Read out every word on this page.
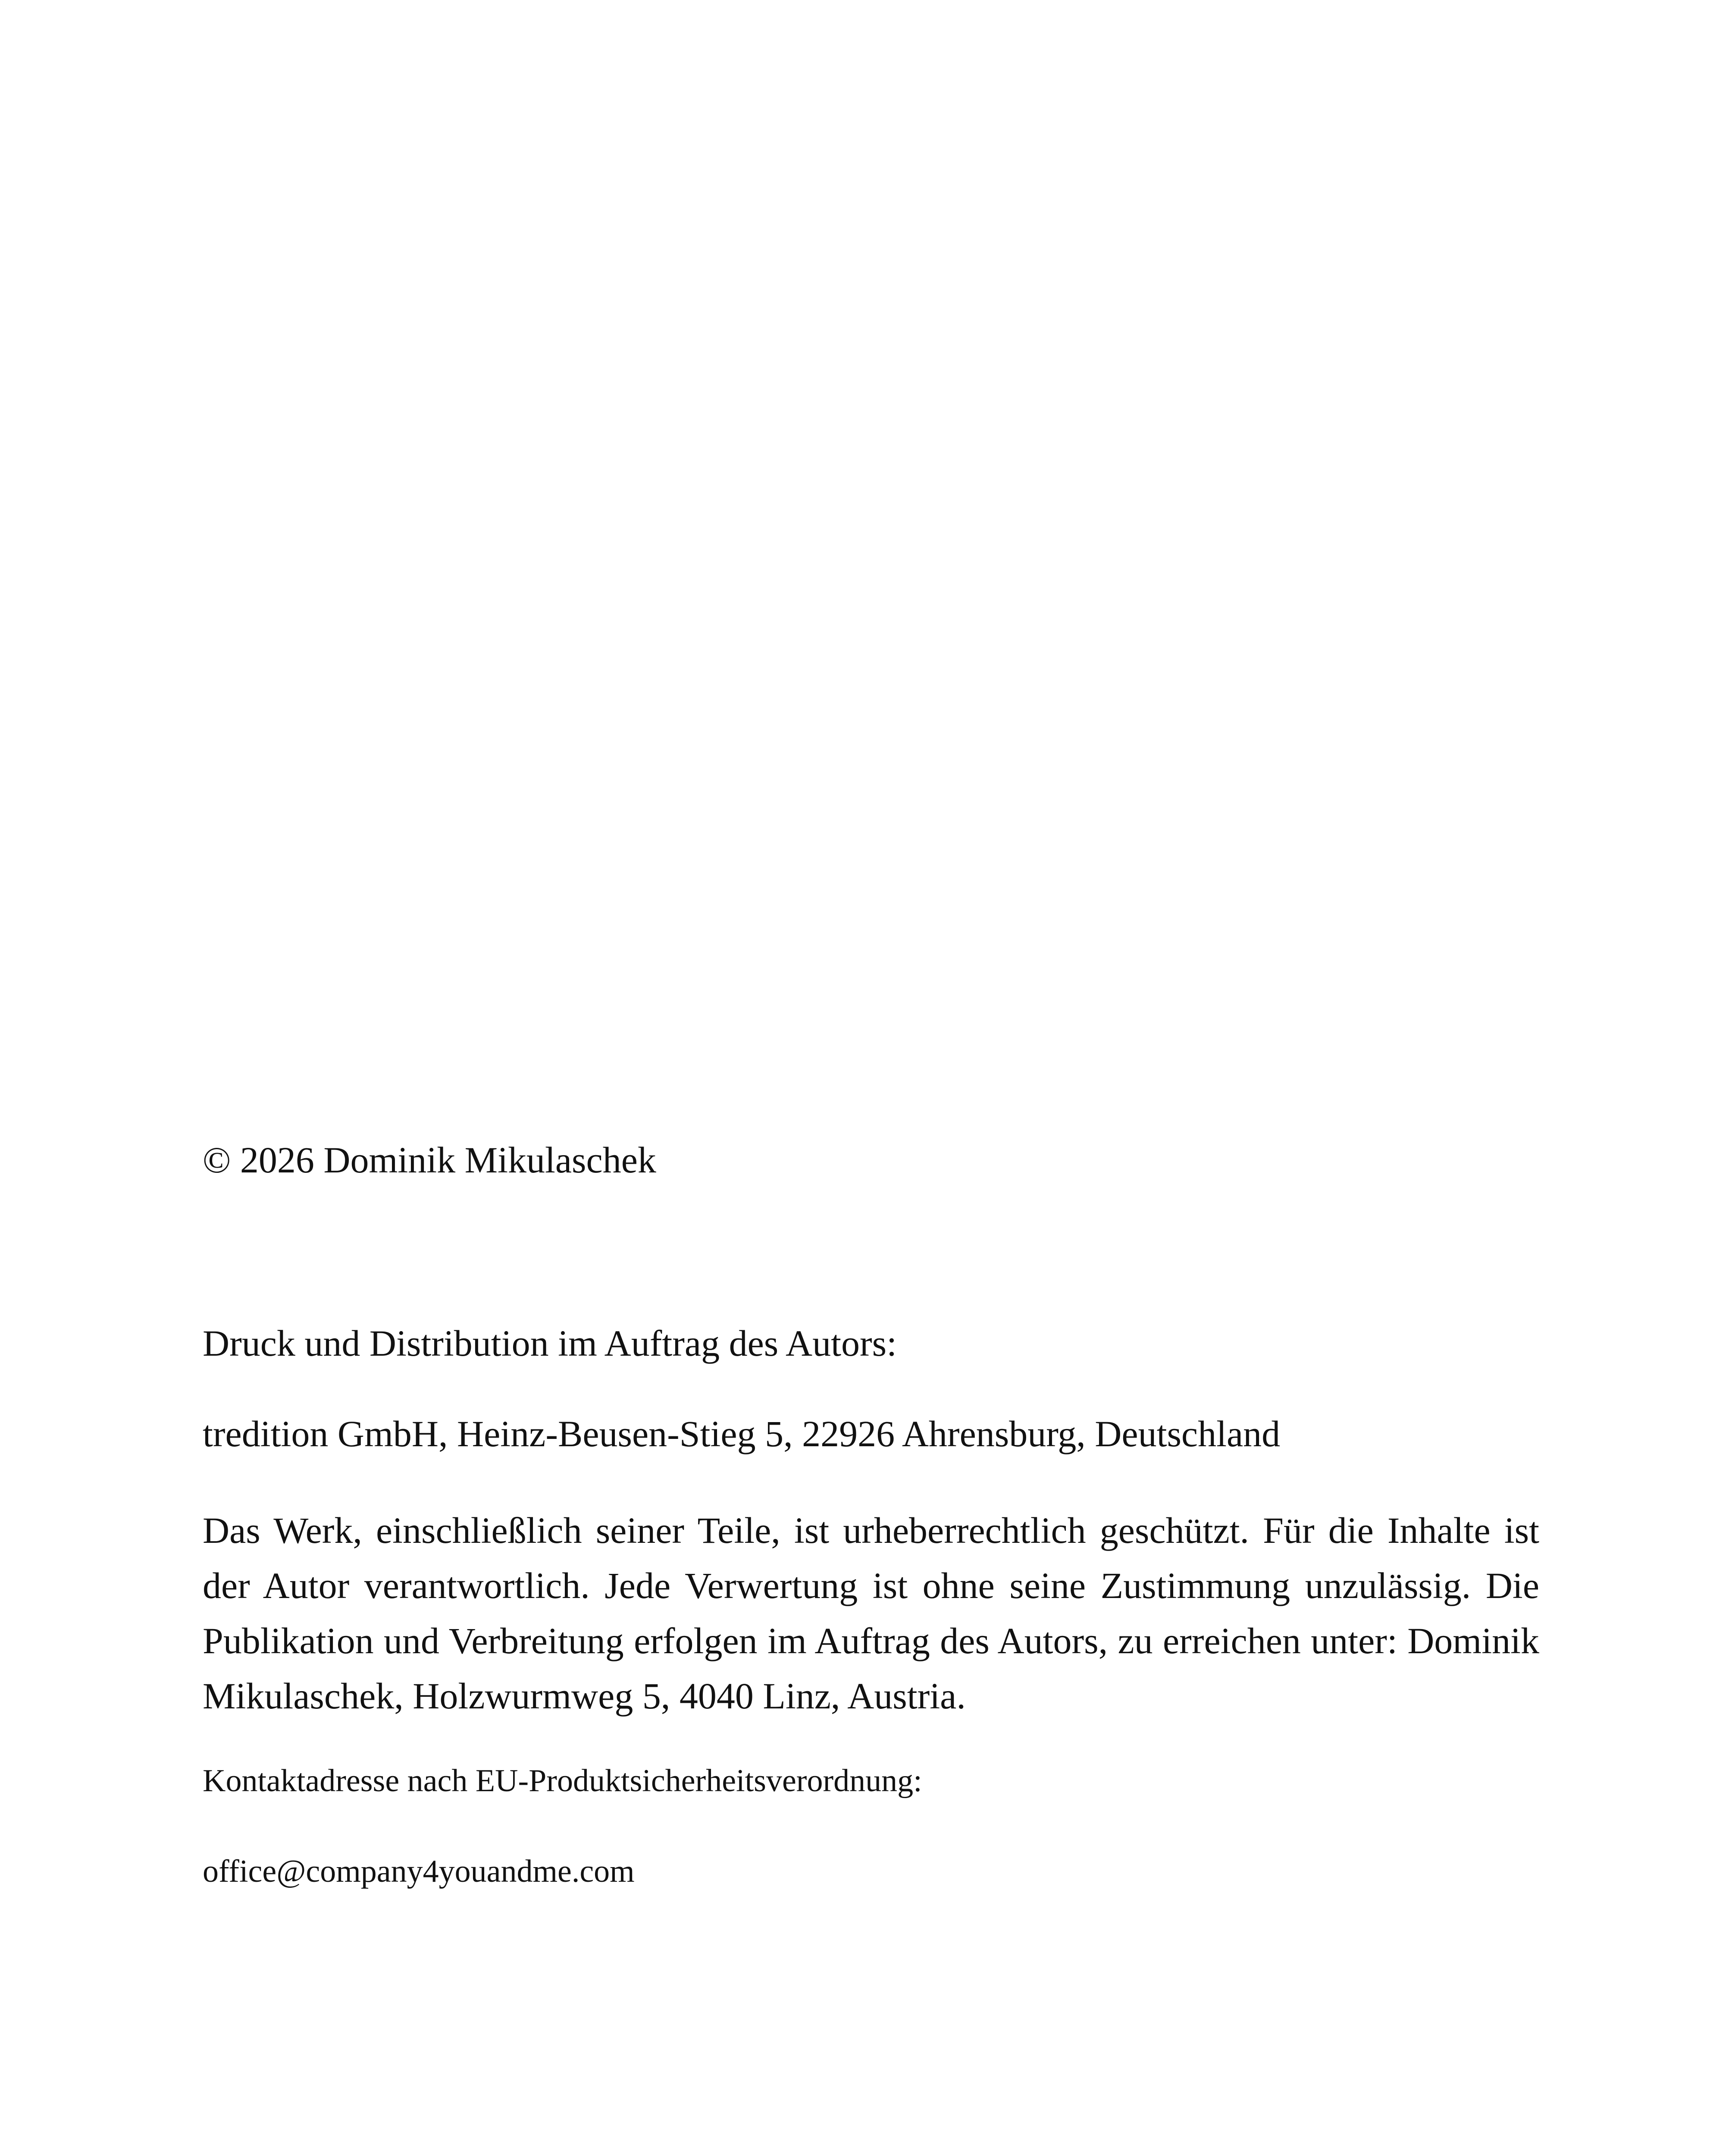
© 2026 Dominik Mikulaschek

Druck und Distribution im Auftrag des Autors:

tredition GmbH, Heinz-Beusen-Stieg 5, 22926 Ahrensburg, Deutschland

Das Werk, einschließlich seiner Teile, ist urheberrechtlich geschützt. Für die Inhalte ist der Autor verantwortlich. Jede Verwertung ist ohne seine Zustimmung unzulässig. Die Publikation und Verbreitung erfolgen im Auftrag des Autors, zu erreichen unter: Dominik Mikulaschek, Holzwurmweg 5, 4040 Linz, Austria.

Kontaktadresse nach EU-Produktsicherheitsverordnung:

office@company4youandme.com
